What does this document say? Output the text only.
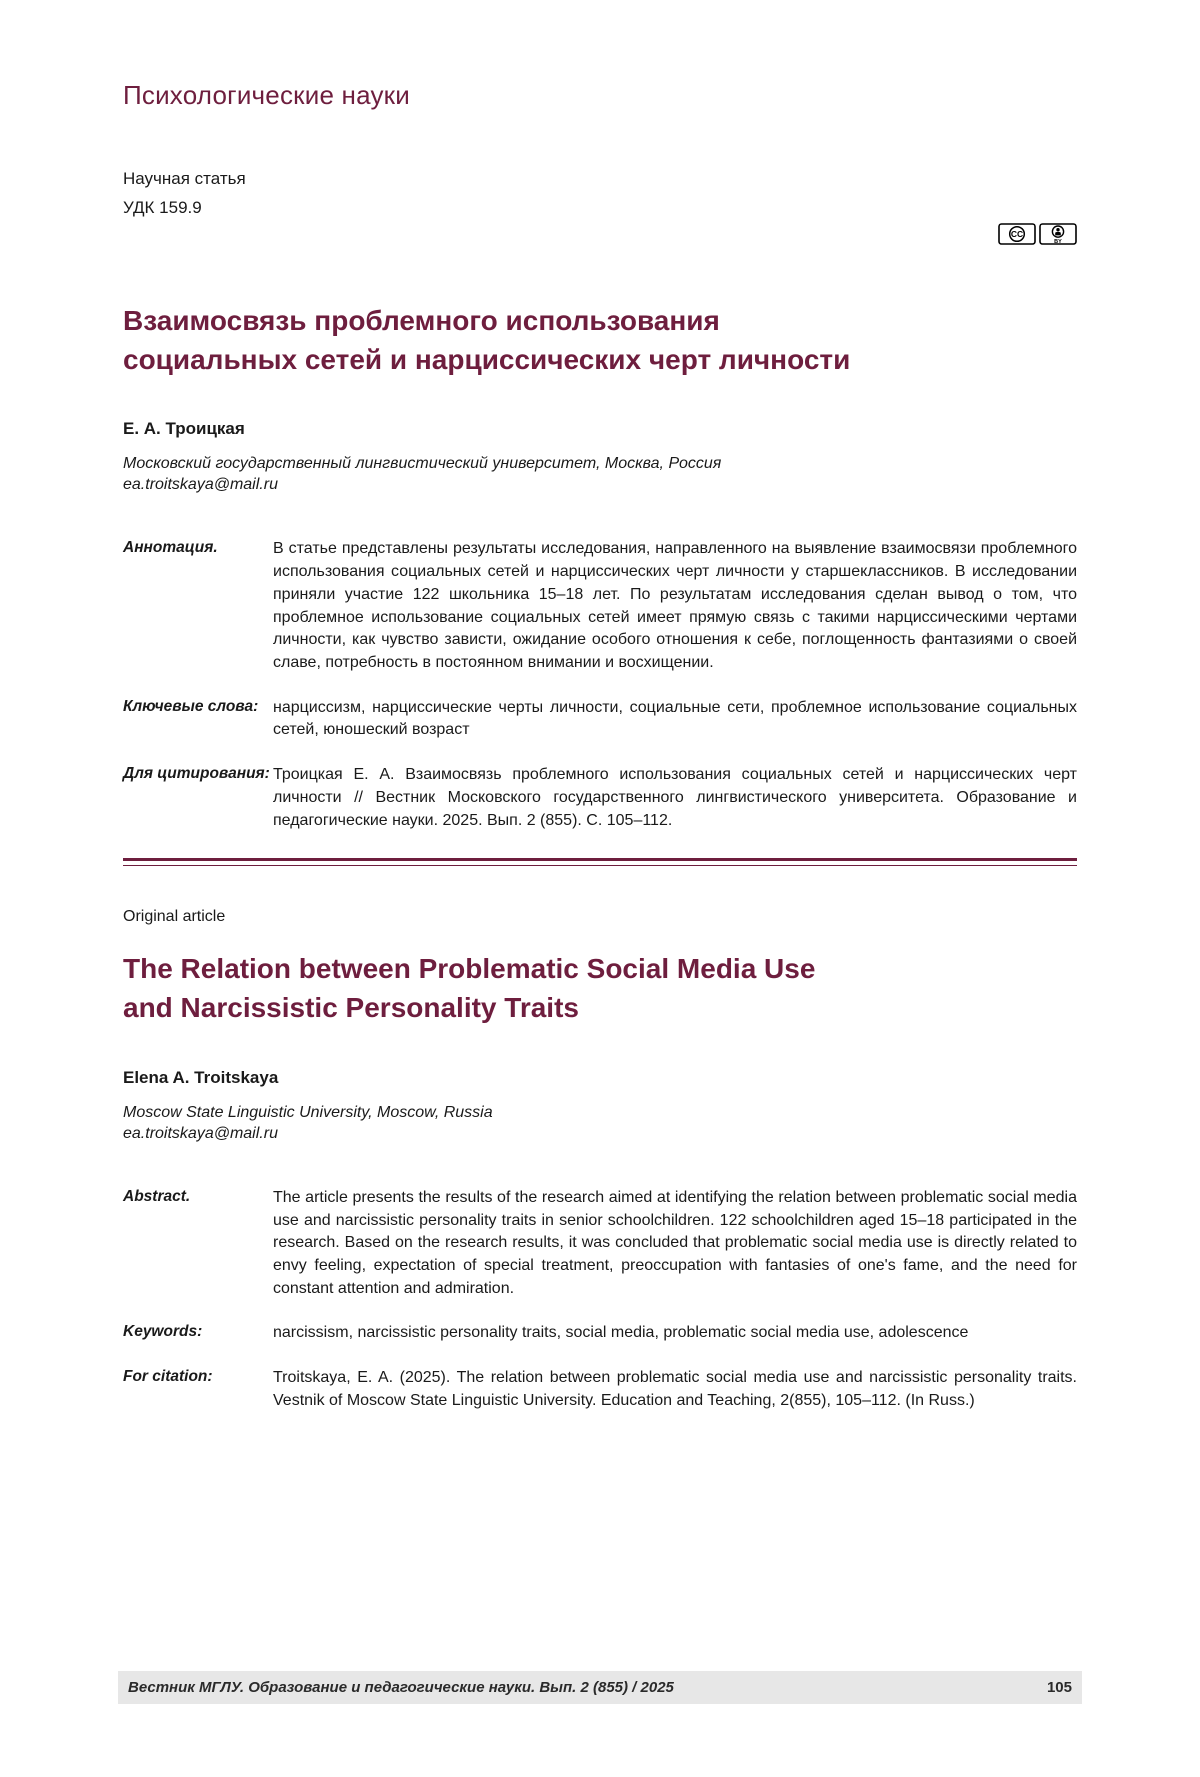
Психологические науки
Научная статья
УДК 159.9
CC
BY
Взаимосвязь проблемного использования
социальных сетей и нарциссических черт личности
Е. А. Троицкая
Московский государственный лингвистический университет, Москва, Россия
ea.troitskaya@mail.ru
Аннотация.	В статье представлены результаты исследования, направленного на выявление взаимосвязи проблемного использования социальных сетей и нарциссических черт личности у старшеклассников. В исследовании приняли участие 122 школьника 15–18 лет. По результатам исследования сделан вывод о том, что проблемное использование социальных сетей имеет прямую связь с такими нарциссическими чертами личности, как чувство зависти, ожидание особого отношения к себе, поглощенность фантазиями о своей славе, потребность в постоянном внимании и восхищении.
Ключевые слова: нарциссизм, нарциссические черты личности, социальные сети, проблемное использование социальных сетей, юношеский возраст
Для цитирования: Троицкая Е. А. Взаимосвязь проблемного использования социальных сетей и нарциссических черт личности // Вестник Московского государственного лингвистического университета. Образование и педагогические науки. 2025. Вып. 2 (855). С. 105–112.
Original article
The Relation between Problematic Social Media Use
and Narcissistic Personality Traits
Elena A. Troitskaya
Moscow State Linguistic University, Moscow, Russia
ea.troitskaya@mail.ru
Abstract.	The article presents the results of the research aimed at identifying the relation between problematic social media use and narcissistic personality traits in senior schoolchildren. 122 schoolchildren aged 15–18 participated in the research. Based on the research results, it was concluded that problematic social media use is directly related to envy feeling, expectation of special treatment, preoccupation with fantasies of one's fame, and the need for constant attention and admiration.
Keywords:	narcissism, narcissistic personality traits, social media, problematic social media use, adolescence
For citation:	Troitskaya, E. A. (2025). The relation between problematic social media use and narcissistic personality traits. Vestnik of Moscow State Linguistic University. Education and Teaching, 2(855), 105–112. (In Russ.)
Вестник МГЛУ. Образование и педагогические науки. Вып. 2 (855) / 2025	105
